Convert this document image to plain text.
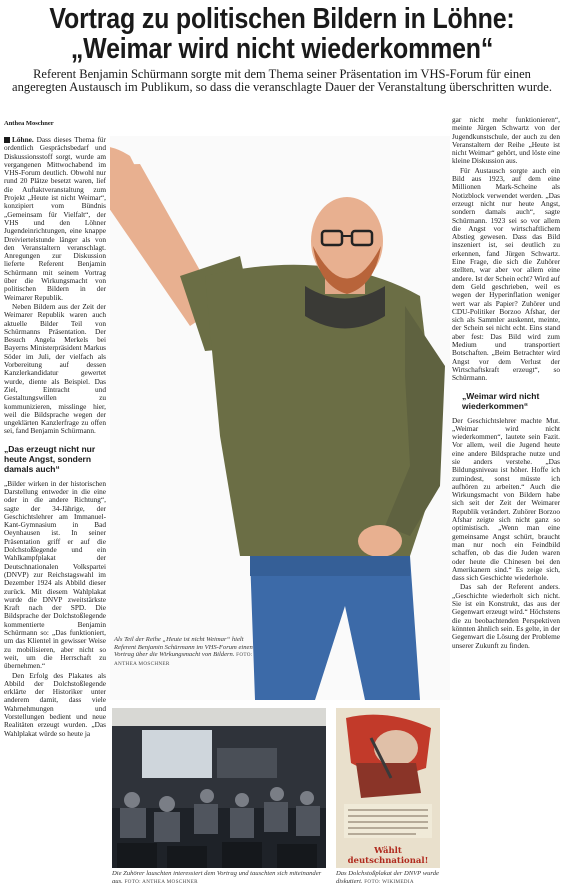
Vortrag zu politischen Bildern in Löhne:
„Weimar wird nicht wiederkommen“
Referent Benjamin Schürmann sorgte mit dem Thema seiner Präsentation im VHS-Forum für einen angeregten Austausch im Publikum, so dass die veranschlagte Dauer der Veranstaltung überschritten wurde.
Anthea Moschner

Löhne. Dass dieses Thema für ordentlich Gesprächsbedarf und Diskussionsstoff sorgt, wurde am vergangenen Mittwochabend im VHS-Forum deutlich. Obwohl nur rund 20 Plätze besetzt waren, lief die Auftaktveranstaltung zum Projekt „Heute ist nicht Weimar“, konzipiert vom Bündnis „Gemeinsam für Vielfalt“, der VHS und den Löhner Jugendeinrichtungen, eine knappe Dreiviertelstunde länger als von den Veranstaltern veranschlagt. Anregungen zur Diskussion lieferte Referent Benjamin Schürmann mit seinem Vortrag über die Wirkungsmacht von politischen Bildern in der Weimarer Republik.

Neben Bildern aus der Zeit der Weimarer Republik waren auch aktuelle Bilder Teil von Schürmanns Präsentation. Der Besuch Angela Merkels bei Bayerns Ministerpräsident Markus Söder im Juli, der vielfach als Vorbereitung auf dessen Kanzlerkandidatur gewertet wurde, diente als Beispiel. Das Ziel, Eintracht und Gestaltungswillen zu kommunizieren, misslinge hier, weil die Bildsprache wegen der ungeklärten Kanzlerfrage zu offen sei, fand Benjamin Schürmann.

„Das erzeugt nicht nur heute Angst, sondern damals auch“

„Bilder wirken in der historischen Darstellung entweder in die eine oder in die andere Richtung“, sagte der 34-Jährige, der Geschichtslehrer am Immanuel-Kant-Gymnasium in Bad Oeynhausen ist. In seiner Präsentation griff er auf die Dolchstoßlegende und ein Wahlkampfplakat der Deutschnationalen Volkspartei (DNVP) zur Reichstagswahl im Dezember 1924 als Abbild dieser zurück. Mit diesem Wahlplakat wurde die DNVP zweitstärkste Kraft nach der SPD. Die Bildsprache der Dolchstoßlegende kommentierte Benjamin Schürmann so: „Das funktioniert, um das Klientel in gewisser Weise zu mobilisieren, aber nicht so weit, um die Herrschaft zu übernehmen.“

Den Erfolg des Plakates als Abbild der Dolchstoßlegende erklärte der Historiker unter anderem damit, dass viele Wahrnehmungen und Vorstellungen bedient und neue Realitäten erzeugt wurden. „Das Wahlplakat würde so heute ja

Als Teil der Reihe „Heute ist nicht Weimar“ hielt Referent Benjamin Schürmann im VHS-Forum einen Vortrag über die Wirkungsmacht von Bildern. FOTO: ANTHEA MOSCHNER

gar nicht mehr funktionieren“, meinte Jürgen Schwartz von der Jugendkunstschule, der auch zu den Veranstaltern der Reihe „Heute ist nicht Weimar“ gehört, und löste eine kleine Diskussion aus.

Für Austausch sorgte auch ein Bild aus 1923, auf dem eine Millionen Mark-Scheine als Notizblock verwendet werden. „Das erzeugt nicht nur heute Angst, sondern damals auch“, sagte Schürmann. 1923 sei so vor allem die Angst vor wirtschaftlichem Abstieg gewesen. Dass das Bild inszeniert ist, sei deutlich zu erkennen, fand Jürgen Schwartz. Eine Frage, die sich die Zuhörer stellten, war aber vor allem eine andere. Ist der Schein echt? Wird auf dem Geld geschrieben, weil es wegen der Hyperinflation weniger wert war als Papier? Zuhörer und CDU-Politiker Borzoo Afshar, der sich als Sammler auskennt, meinte, der Schein sei nicht echt. Eins stand aber fest: Das Bild wird zum Medium und transportiert Botschaften. „Beim Betrachter wird Angst vor dem Verlust der Wirtschaftskraft erzeugt“, so Schürmann.

„Weimar wird nicht wiederkommen“

Der Geschichtslehrer machte Mut. „Weimar wird nicht wiederkommen“, lautete sein Fazit. Vor allem, weil die Jugend heute eine andere Bildsprache nutze und sie anders verstehe. „Das Bildungsniveau ist höher. Hoffe ich zumindest, sonst müsste ich aufhören zu arbeiten.“ Auch die Wirkungsmacht von Bildern habe sich seit der Zeit der Weimarer Republik verändert. Zuhörer Borzoo Afshar zeigte sich nicht ganz so optimistisch. „Wenn man eine gemeinsame Angst schürt, braucht man nur noch ein Feindbild schaffen, ob das die Juden waren oder heute die Chinesen bei den Amerikanern sind.“ Es zeige sich, dass sich Geschichte wiederhole.

Das sah der Referent anders. „Geschichte wiederholt sich nicht. Sie ist ein Konstrukt, das aus der Gegenwart erzeugt wird.“ Höchstens die zu beobachtenden Perspektiven könnten ähnlich sein. Es gelte, in der Gegenwart die Lösung der Probleme unserer Zukunft zu finden.

Die Zuhörer lauschten interessiert dem Vortrag und tauschten sich miteinander aus. FOTO: ANTHEA MOSCHNER
Wählt deutschnational!
Das Dolchstoßplakat der DNVP wurde diskutiert. FOTO: WIKIMEDIA
